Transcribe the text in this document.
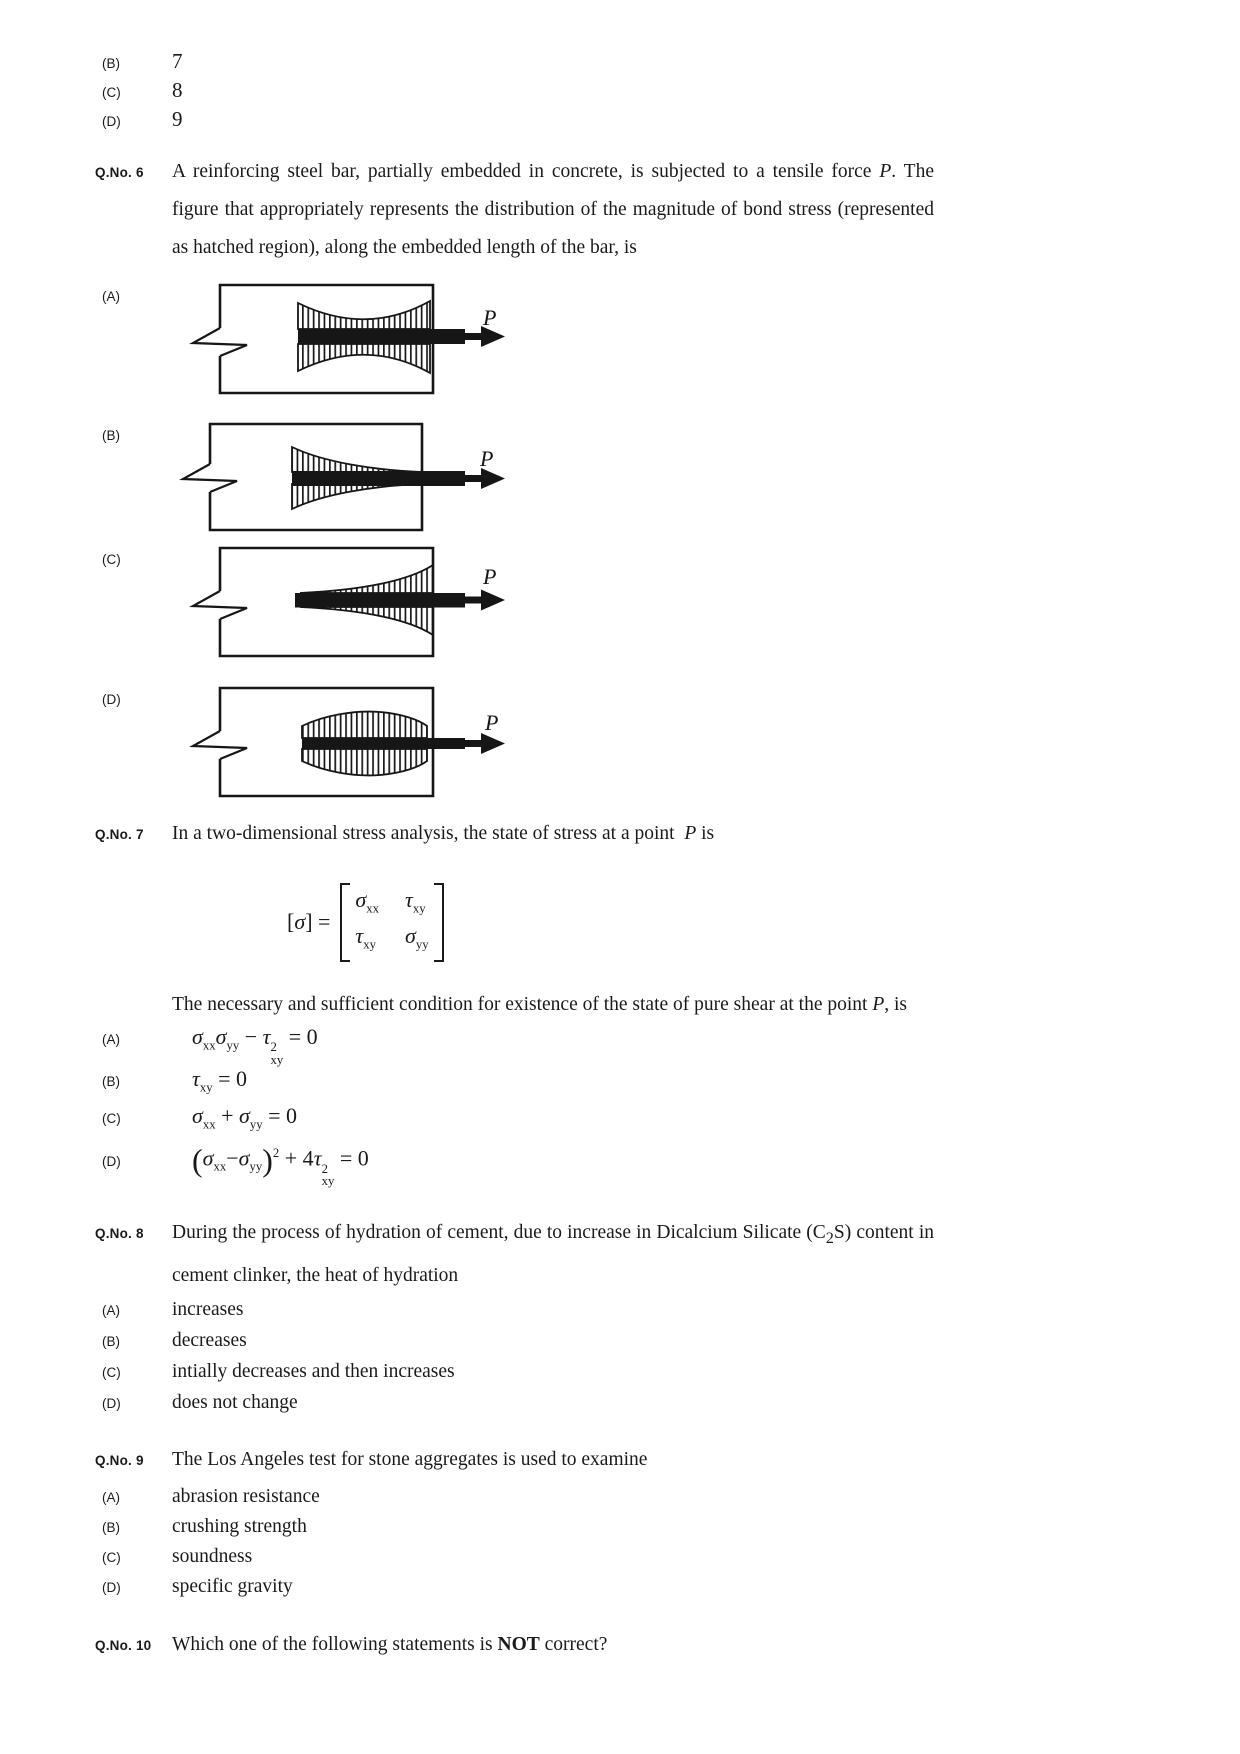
(B)	7
(C)	8
(D)	9
Q.No. 6	A reinforcing steel bar, partially embedded in concrete, is subjected to a tensile force P. The figure that appropriately represents the distribution of the magnitude of bond stress (represented as hatched region), along the embedded length of the bar, is
(A)
P
(B)
P
(C)
P
(D)
P
Q.No. 7	In a two-dimensional stress analysis, the state of stress at a point  P is
[σ] =
$\sigma_{xx}$ $\tau_{xy}$
$\tau_{xy}$ $\sigma_{yy}$
The necessary and sufficient condition for existence of the state of pure shear at the point P, is
(A)	$\sigma_{xx}\sigma_{yy} - \tau$ 2
xy
= 0
(B)	$\tau_{xy} = 0$
(C)	$\sigma_{xx} + \sigma_{yy} = 0$
(D)	$(\sigma_{xx}-\sigma_{yy})^2 + 4\tau$ 2
xy
= 0
Q.No. 8	During the process of hydration of cement, due to increase in Dicalcium Silicate $(C_2S)$ content in cement clinker, the heat of hydration
(A)	increases
(B)	decreases
(C)	intially decreases and then increases
(D)	does not change
Q.No. 9	The Los Angeles test for stone aggregates is used to examine
(A)	abrasion resistance
(B)	crushing strength
(C)	soundness
(D)	specific gravity
Q.No. 10	Which one of the following statements is NOT correct?
